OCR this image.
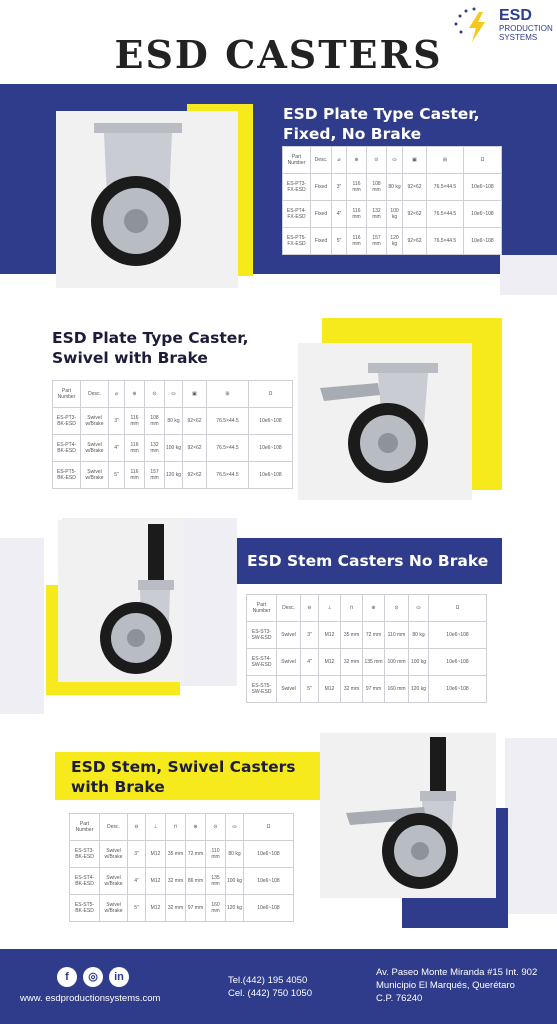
ESD CASTERS
ESD
PRODUCTION
SYSTEMS
ESD Plate Type Caster,
Fixed, No Brake
Part Number	Desc.	⌀	⊕	⊙	⛀	▣	⊞	Ω
ES-PT3-FX-ESD	Fixed	3"	116 mm	108 mm	80 kg	92×62	76.5×44.5	10e6~108
ES-PT4-FX-ESD	Fixed	4"	116 mm	132 mm	100 kg	92×62	76.5×44.5	10e6~108
ES-PT5-FX-ESD	Fixed	5"	116 mm	157 mm	120 kg	92×62	76.5×44.5	10e6~108
ESD Plate Type Caster,
Swivel with Brake
Part Number	Desc.	⌀	⊕	⊙	⛀	▣	⊞	Ω
ES-PT3-BK-ESD	Swivel w/Brake	3"	116 mm	108 mm	80 kg	92×62	76.5×44.5	10e6~108
ES-PT4-BK-ESD	Swivel w/Brake	4"	116 mm	132 mm	100 kg	92×62	76.5×44.5	10e6~108
ES-PT5-BK-ESD	Swivel w/Brake	5"	116 mm	157 mm	120 kg	92×62	76.5×44.5	10e6~108
ESD Stem Casters No Brake
Part Number	Desc.	⊖	⊥	⊓	⊕	⊙	⛀	Ω
ES-ST3-SW-ESD	Swivel	3"	M12	35 mm	72 mm	110 mm	80 kg	10e6~108
ES-ST4-SW-ESD	Swivel	4"	M12	32 mm	135 mm	100 mm	100 kg	10e6~108
ES-ST5-SW-ESD	Swivel	5"	M12	32 mm	97 mm	160 mm	120 kg	10e6~108
ESD Stem, Swivel Casters
with Brake
Part Number	Desc.	⊖	⊥	⊓	⊕	⊙	⛀	Ω
ES-ST3-BK-ESD	Swivel w/Brake	3"	M12	35 mm	72 mm	110 mm	80 kg	10e6~108
ES-ST4-BK-ESD	Swivel w/Brake	4"	M12	32 mm	86 mm	135 mm	100 kg	10e6~108
ES-ST5-BK-ESD	Swivel w/Brake	5"	M12	32 mm	97 mm	160 mm	120 kg	10e6~108
f	◎	in
www. esdproductionsystems.com
Tel.(442) 195 4050
Cel. (442) 750 1050
Av. Paseo Monte Miranda #15 Int. 902
Municipio El Marqués, Querétaro
C.P. 76240
